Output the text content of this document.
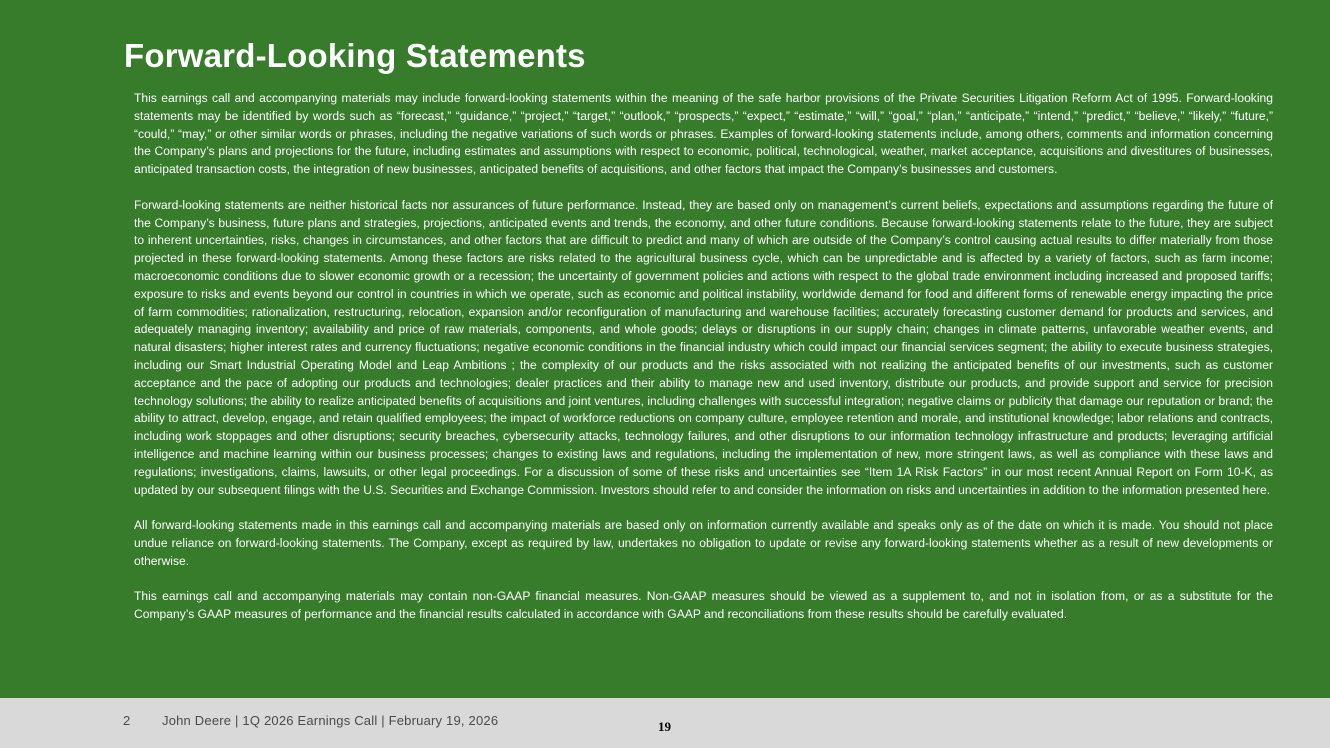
Forward-Looking Statements

This earnings call and accompanying materials may include forward-looking statements within the meaning of the safe harbor provisions of the Private Securities Litigation Reform Act of 1995. Forward-looking statements may be identified by words such as “forecast,” “guidance,” “project,” “target,” “outlook,” “prospects,” “expect,” “estimate,” “will,” “goal,” “plan,” “anticipate,” “intend,” “predict,” “believe,” “likely,” “future,” “could,” “may,” or other similar words or phrases, including the negative variations of such words or phrases. Examples of forward-looking statements include, among others, comments and information concerning the Company’s plans and projections for the future, including estimates and assumptions with respect to economic, political, technological, weather, market acceptance, acquisitions and divestitures of businesses, anticipated transaction costs, the integration of new businesses, anticipated benefits of acquisitions, and other factors that impact the Company’s businesses and customers.

Forward-looking statements are neither historical facts nor assurances of future performance. Instead, they are based only on management’s current beliefs, expectations and assumptions regarding the future of the Company’s business, future plans and strategies, projections, anticipated events and trends, the economy, and other future conditions. Because forward-looking statements relate to the future, they are subject to inherent uncertainties, risks, changes in circumstances, and other factors that are difficult to predict and many of which are outside of the Company’s control causing actual results to differ materially from those projected in these forward-looking statements. Among these factors are risks related to the agricultural business cycle, which can be unpredictable and is affected by a variety of factors, such as farm income; macroeconomic conditions due to slower economic growth or a recession; the uncertainty of government policies and actions with respect to the global trade environment including increased and proposed tariffs; exposure to risks and events beyond our control in countries in which we operate, such as economic and political instability, worldwide demand for food and different forms of renewable energy impacting the price of farm commodities; rationalization, restructuring, relocation, expansion and/or reconfiguration of manufacturing and warehouse facilities; accurately forecasting customer demand for products and services, and adequately managing inventory; availability and price of raw materials, components, and whole goods; delays or disruptions in our supply chain; changes in climate patterns, unfavorable weather events, and natural disasters; higher interest rates and currency fluctuations; negative economic conditions in the financial industry which could impact our financial services segment; the ability to execute business strategies, including our Smart Industrial Operating Model and Leap Ambitions ; the complexity of our products and the risks associated with not realizing the anticipated benefits of our investments, such as customer acceptance and the pace of adopting our products and technologies; dealer practices and their ability to manage new and used inventory, distribute our products, and provide support and service for precision technology solutions; the ability to realize anticipated benefits of acquisitions and joint ventures, including challenges with successful integration; negative claims or publicity that damage our reputation or brand; the ability to attract, develop, engage, and retain qualified employees; the impact of workforce reductions on company culture, employee retention and morale, and institutional knowledge; labor relations and contracts, including work stoppages and other disruptions; security breaches, cybersecurity attacks, technology failures, and other disruptions to our information technology infrastructure and products; leveraging artificial intelligence and machine learning within our business processes; changes to existing laws and regulations, including the implementation of new, more stringent laws, as well as compliance with these laws and regulations; investigations, claims, lawsuits, or other legal proceedings. For a discussion of some of these risks and uncertainties see “Item 1A Risk Factors” in our most recent Annual Report on Form 10-K, as updated by our subsequent filings with the U.S. Securities and Exchange Commission. Investors should refer to and consider the information on risks and uncertainties in addition to the information presented here.

All forward-looking statements made in this earnings call and accompanying materials are based only on information currently available and speaks only as of the date on which it is made. You should not place undue reliance on forward-looking statements. The Company, except as required by law, undertakes no obligation to update or revise any forward-looking statements whether as a result of new developments or otherwise.

This earnings call and accompanying materials may contain non-GAAP financial measures. Non-GAAP measures should be viewed as a supplement to, and not in isolation from, or as a substitute for the Company’s GAAP measures of performance and the financial results calculated in accordance with GAAP and reconciliations from these results should be carefully evaluated.

2 John Deere | 1Q 2026 Earnings Call | February 19, 2026	19
